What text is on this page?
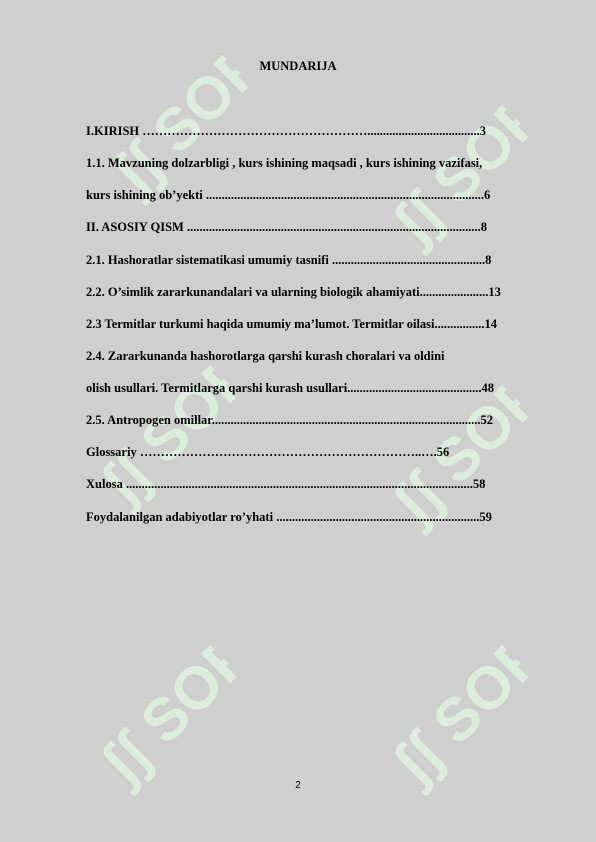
ʃʃ SOFF
ʃʃ SOFF
ʃʃ SOFF
ʃʃ SOFF
ʃʃ SOFF
ʃʃ SOFF
MUNDARIJA
I.KIRISH ………………………………………………....................................3
1.1. Mavzuning dolzarbligi , kurs ishining maqsadi , kurs ishining vazifasi,
kurs ishining ob’yekti .........................................................................................6
II. ASOSIY QISM ..............................................................................................8
2.1. Hashoratlar sistematikasi umumiy tasnifi .................................................8
2.2. O’simlik zararkunandalari va ularning biologik ahamiyati......................13
2.3 Termitlar turkumi haqida umumiy ma’lumot. Termitlar oilasi................14
2.4. Zararkunanda hashorotlarga qarshi kurash choralari va oldini
olish usullari. Termitlarga qarshi kurash usullari...........................................48
2.5. Antropogen omillar......................................................................................52
Glossariy …………………………………………………………..….56
Xulosa ...............................................................................................................58
Foydalanilgan adabiyotlar ro’yhati .................................................................59
2
